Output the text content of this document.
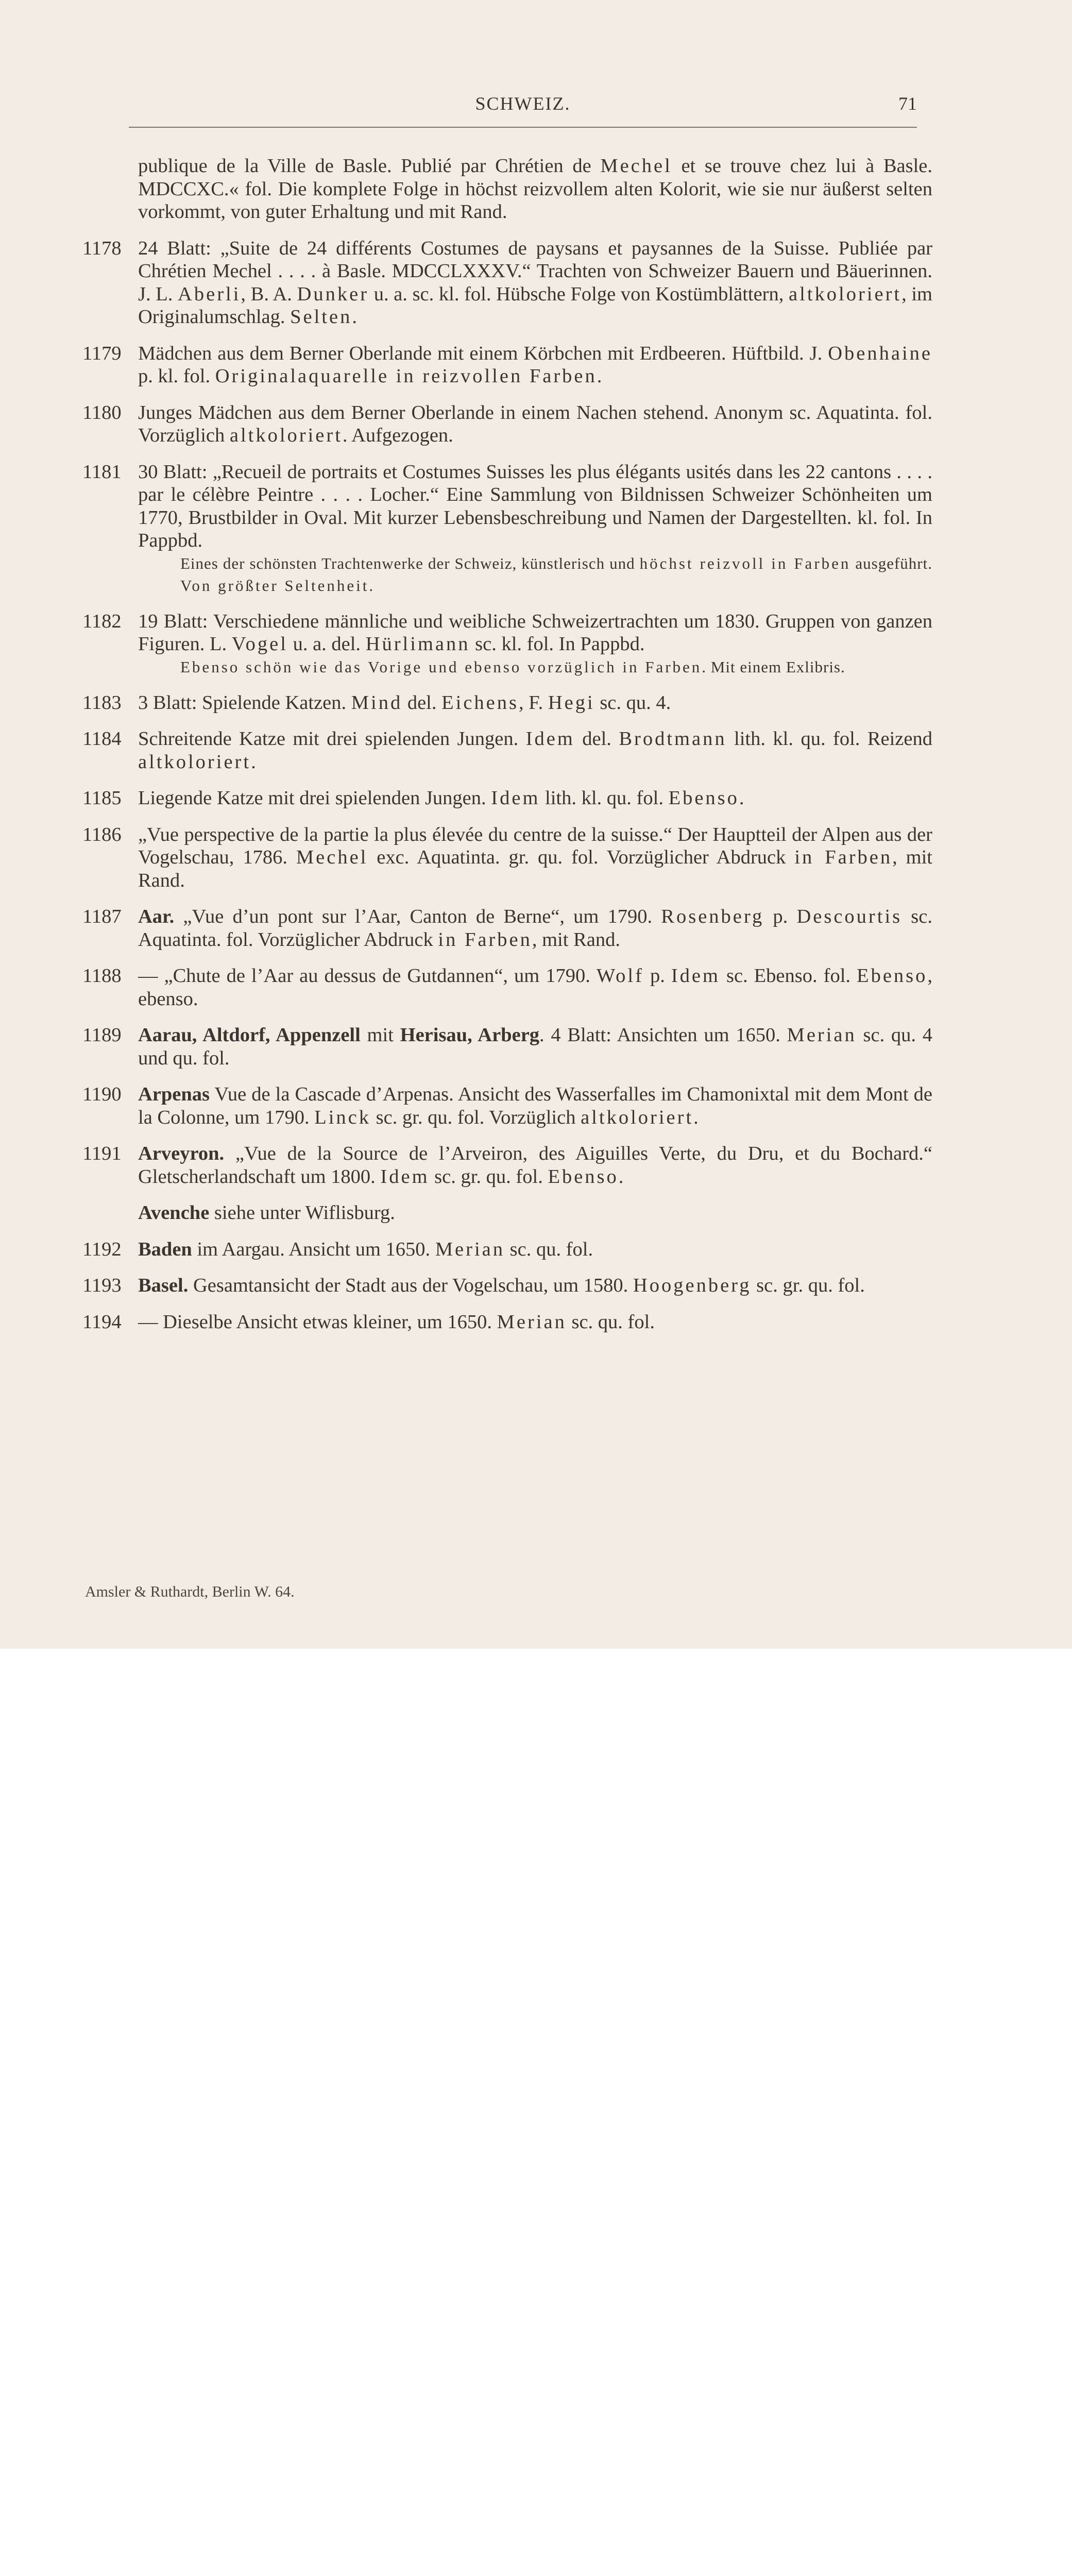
SCHWEIZ.	71
publique de la Ville de Basle. Publié par Chrétien de Mechel et se trouve chez lui à Basle. MDCCXC.« fol. Die komplete Folge in höchst reizvollem alten Kolorit, wie sie nur äußerst selten vorkommt, von guter Erhaltung und mit Rand.
1178 24 Blatt: „Suite de 24 différents Costumes de paysans et paysannes de la Suisse. Publiée par Chrétien Mechel . . . . à Basle. MDCCLXXXV.“ Trachten von Schweizer Bauern und Bäuerinnen. J. L. Aberli, B. A. Dunker u. a. sc. kl. fol. Hübsche Folge von Kostümblättern, altkoloriert, im Originalumschlag. Selten.
1179 Mädchen aus dem Berner Oberlande mit einem Körbchen mit Erdbeeren. Hüftbild. J. Obenhaine p. kl. fol. Originalaquarelle in reizvollen Farben.
1180 Junges Mädchen aus dem Berner Oberlande in einem Nachen stehend. Anonym sc. Aquatinta. fol. Vorzüglich altkoloriert. Aufgezogen.
1181 30 Blatt: „Recueil de portraits et Costumes Suisses les plus élégants usités dans les 22 cantons . . . . par le célèbre Peintre . . . . Locher.“ Eine Sammlung von Bildnissen Schweizer Schönheiten um 1770, Brustbilder in Oval. Mit kurzer Lebensbeschreibung und Namen der Dargestellten. kl. fol. In Pappbd.
Eines der schönsten Trachtenwerke der Schweiz, künstlerisch und höchst reizvoll in Farben ausgeführt. Von größter Seltenheit.
1182 19 Blatt: Verschiedene männliche und weibliche Schweizertrachten um 1830. Gruppen von ganzen Figuren. L. Vogel u. a. del. Hürlimann sc. kl. fol. In Pappbd.
Ebenso schön wie das Vorige und ebenso vorzüglich in Farben. Mit einem Exlibris.
1183 3 Blatt: Spielende Katzen. Mind del. Eichens, F. Hegi sc. qu. 4.
1184 Schreitende Katze mit drei spielenden Jungen. Idem del. Brodtmann lith. kl. qu. fol. Reizend altkoloriert.
1185 Liegende Katze mit drei spielenden Jungen. Idem lith. kl. qu. fol. Ebenso.
1186 „Vue perspective de la partie la plus élevée du centre de la suisse.“ Der Hauptteil der Alpen aus der Vogelschau, 1786. Mechel exc. Aquatinta. gr. qu. fol. Vorzüglicher Abdruck in Farben, mit Rand.
1187 Aar. „Vue d’un pont sur l’Aar, Canton de Berne“, um 1790. Rosenberg p. Descourtis sc. Aquatinta. fol. Vorzüglicher Abdruck in Farben, mit Rand.
1188 — „Chute de l’Aar au dessus de Gutdannen“, um 1790. Wolf p. Idem sc. Ebenso. fol. Ebenso, ebenso.
1189 Aarau, Altdorf, Appenzell mit Herisau, Arberg. 4 Blatt: Ansichten um 1650. Merian sc. qu. 4 und qu. fol.
1190 Arpenas Vue de la Cascade d’Arpenas. Ansicht des Wasserfalles im Chamonixtal mit dem Mont de la Colonne, um 1790. Linck sc. gr. qu. fol. Vorzüglich altkoloriert.
1191 Arveyron. „Vue de la Source de l’Arveiron, des Aiguilles Verte, du Dru, et du Bochard.“ Gletscherlandschaft um 1800. Idem sc. gr. qu. fol. Ebenso.
Avenche siehe unter Wiflisburg.
1192 Baden im Aargau. Ansicht um 1650. Merian sc. qu. fol.
1193 Basel. Gesamtansicht der Stadt aus der Vogelschau, um 1580. Hoogenberg sc. gr. qu. fol.
1194 — Dieselbe Ansicht etwas kleiner, um 1650. Merian sc. qu. fol.
Amsler & Ruthardt, Berlin W. 64.
